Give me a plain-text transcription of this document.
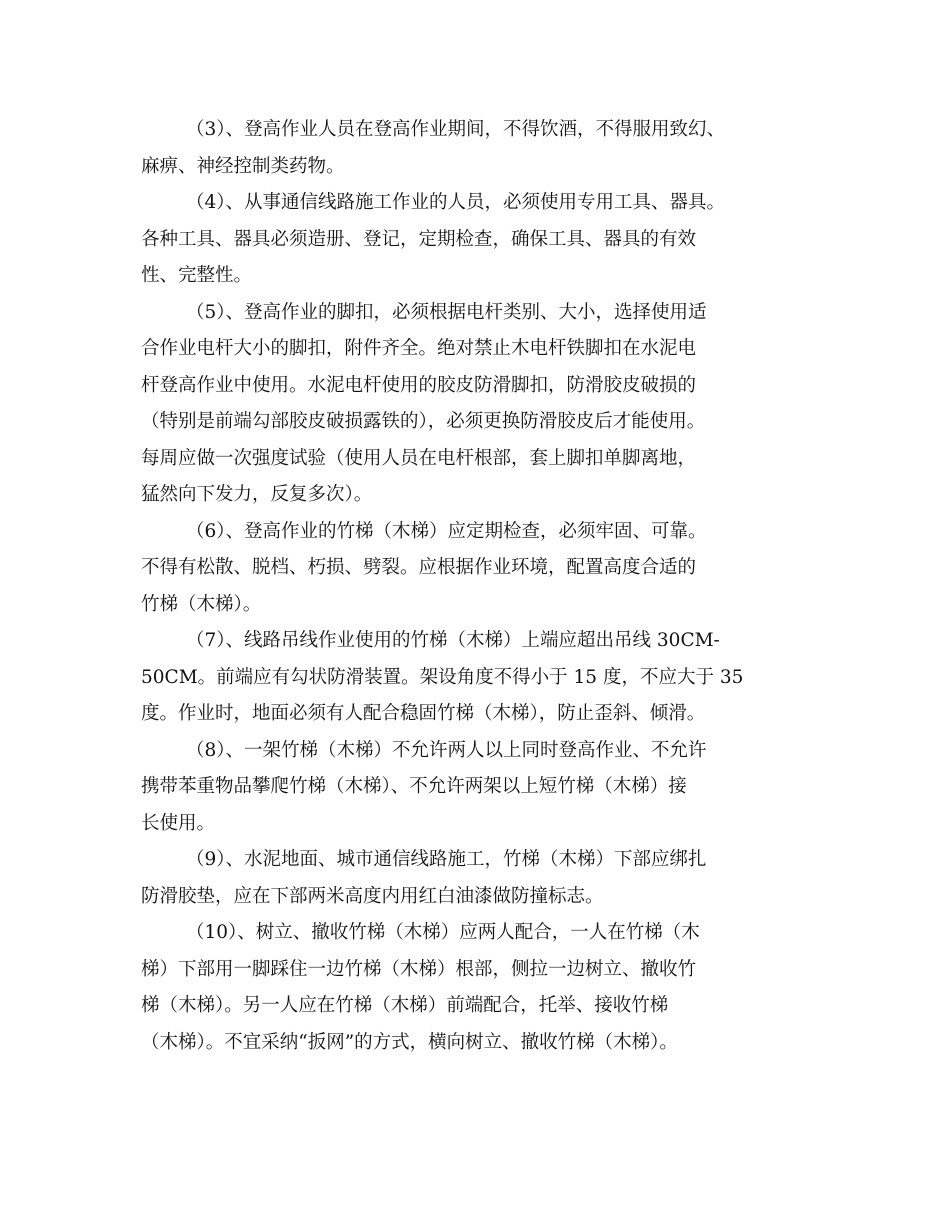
（3）、登高作业人员在登高作业期间，不得饮酒，不得服用致幻、
麻痹、神经控制类药物。

（4）、从事通信线路施工作业的人员，必须使用专用工具、器具。
各种工具、器具必须造册、登记，定期检查，确保工具、器具的有效
性、完整性。

（5）、登高作业的脚扣，必须根据电杆类别、大小，选择使用适
合作业电杆大小的脚扣，附件齐全。绝对禁止木电杆铁脚扣在水泥电
杆登高作业中使用。水泥电杆使用的胶皮防滑脚扣，防滑胶皮破损的
（特别是前端勾部胶皮破损露铁的），必须更换防滑胶皮后才能使用。
每周应做一次强度试验（使用人员在电杆根部，套上脚扣单脚离地，
猛然向下发力，反复多次）。

（6）、登高作业的竹梯（木梯）应定期检查，必须牢固、可靠。
不得有松散、脱档、朽损、劈裂。应根据作业环境，配置高度合适的
竹梯（木梯）。

（7）、线路吊线作业使用的竹梯（木梯）上端应超出吊线 30CM-
50CM。前端应有勾状防滑装置。架设角度不得小于 15 度，不应大于 35
度。作业时，地面必须有人配合稳固竹梯（木梯），防止歪斜、倾滑。

（8）、一架竹梯（木梯）不允许两人以上同时登高作业、不允许
携带苯重物品攀爬竹梯（木梯）、不允许两架以上短竹梯（木梯）接
长使用。

（9）、水泥地面、城市通信线路施工，竹梯（木梯）下部应绑扎
防滑胶垫，应在下部两米高度内用红白油漆做防撞标志。

（10）、树立、撤收竹梯（木梯）应两人配合，一人在竹梯（木
梯）下部用一脚踩住一边竹梯（木梯）根部，侧拉一边树立、撤收竹
梯（木梯）。另一人应在竹梯（木梯）前端配合，托举、接收竹梯
（木梯）。不宜采纳“扳网”的方式，横向树立、撤收竹梯（木梯）。
